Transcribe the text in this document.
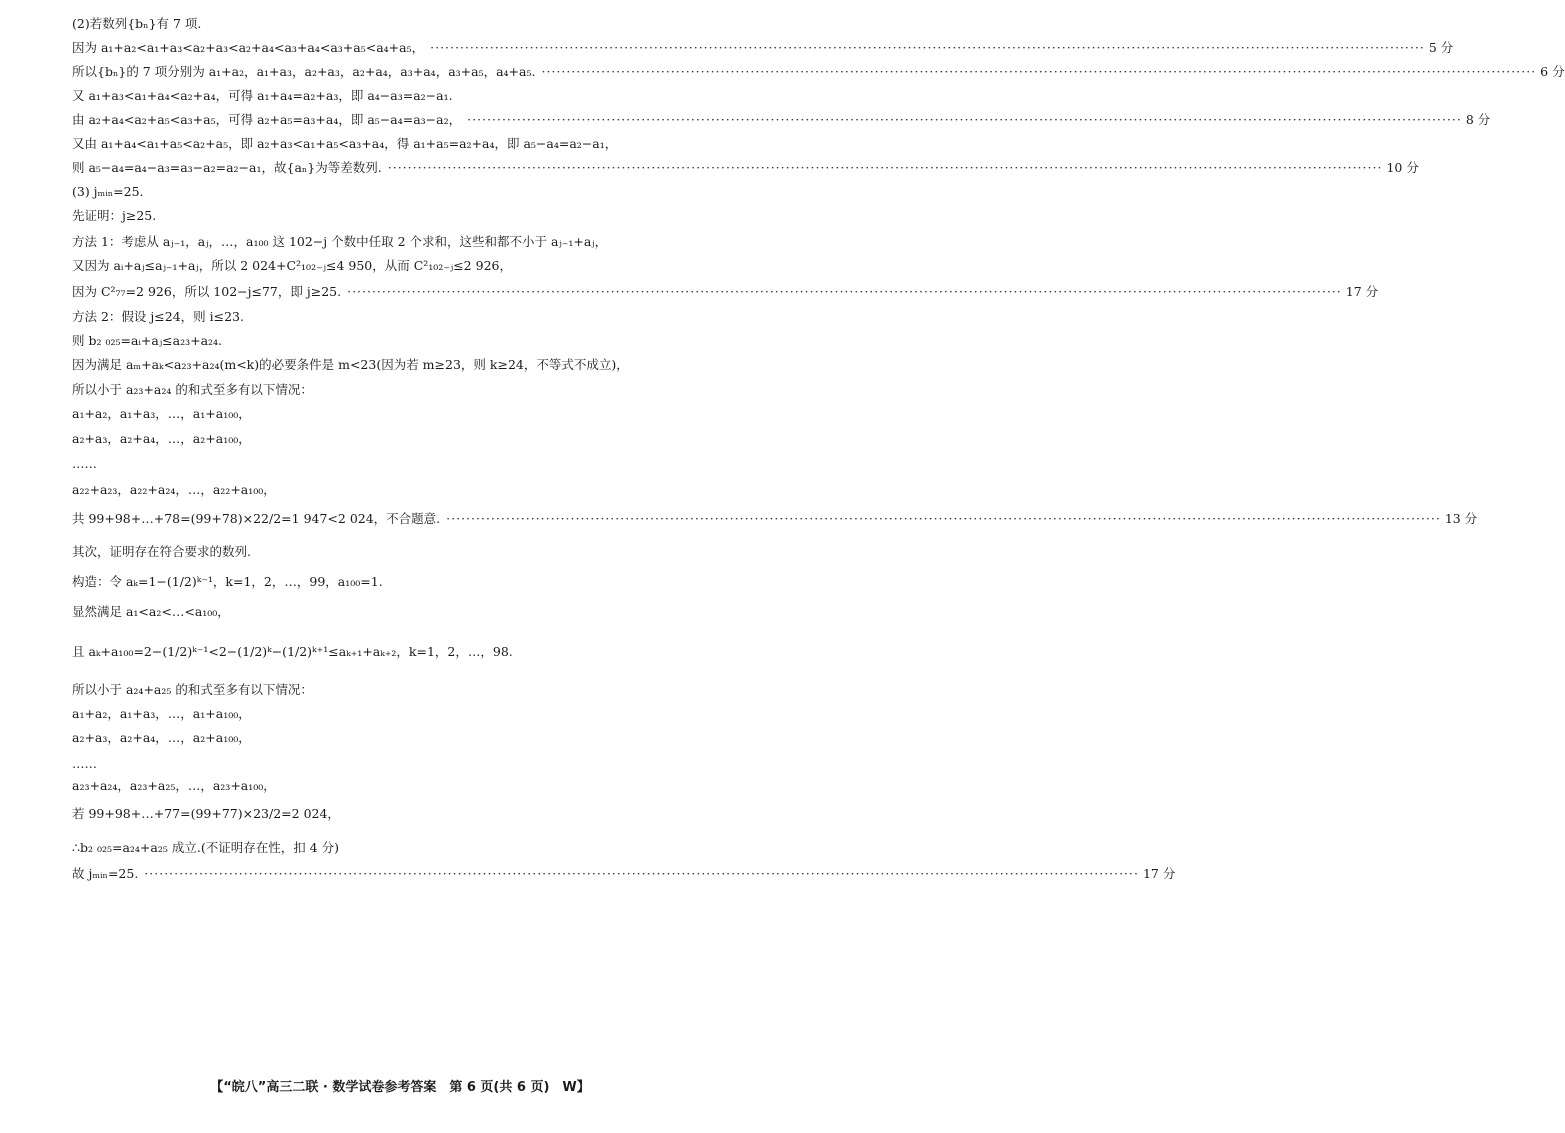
(2)若数列{bₙ}有 7 项.
因为 a₁+a₂<a₁+a₃<a₂+a₃<a₂+a₄<a₃+a₄<a₃+a₅<a₄+a₅， ········································································································································································································ 5 分
所以{bₙ}的 7 项分别为 a₁+a₂，a₁+a₃，a₂+a₃，a₂+a₄，a₃+a₄，a₃+a₅，a₄+a₅. ········································································································································································································ 6 分
又 a₁+a₃<a₁+a₄<a₂+a₄，可得 a₁+a₄=a₂+a₃，即 a₄−a₃=a₂−a₁.
由 a₂+a₄<a₂+a₅<a₃+a₅，可得 a₂+a₅=a₃+a₄，即 a₅−a₄=a₃−a₂， ········································································································································································································ 8 分
又由 a₁+a₄<a₁+a₅<a₂+a₅，即 a₂+a₃<a₁+a₅<a₃+a₄，得 a₁+a₅=a₂+a₄，即 a₅−a₄=a₂−a₁，
则 a₅−a₄=a₄−a₃=a₃−a₂=a₂−a₁，故{aₙ}为等差数列. ········································································································································································································ 10 分
(3) jₘᵢₙ=25.
先证明：j≥25.
方法 1：考虑从 aⱼ₋₁，aⱼ，…，a₁₀₀ 这 102−j 个数中任取 2 个求和，这些和都不小于 aⱼ₋₁+aⱼ，
又因为 aᵢ+aⱼ≤aⱼ₋₁+aⱼ，所以 2 024+C²₁₀₂₋ⱼ≤4 950，从而 C²₁₀₂₋ⱼ≤2 926，
因为 C²₇₇=2 926，所以 102−j≤77，即 j≥25. ········································································································································································································ 17 分
方法 2：假设 j≤24，则 i≤23.
则 b₂ ₀₂₅=aᵢ+aⱼ≤a₂₃+a₂₄.
因为满足 aₘ+aₖ<a₂₃+a₂₄(m<k)的必要条件是 m<23(因为若 m≥23，则 k≥24，不等式不成立)，
所以小于 a₂₃+a₂₄ 的和式至多有以下情况：
a₁+a₂，a₁+a₃，…，a₁+a₁₀₀，
a₂+a₃，a₂+a₄，…，a₂+a₁₀₀，
……
a₂₂+a₂₃，a₂₂+a₂₄，…，a₂₂+a₁₀₀，
共 99+98+…+78=(99+78)×22/2=1 947<2 024，不合题意. ········································································································································································································ 13 分
其次，证明存在符合要求的数列.
构造：令 aₖ=1−(1/2)ᵏ⁻¹，k=1，2，…，99，a₁₀₀=1.
显然满足 a₁<a₂<…<a₁₀₀，
且 aₖ+a₁₀₀=2−(1/2)ᵏ⁻¹<2−(1/2)ᵏ−(1/2)ᵏ⁺¹≤aₖ₊₁+aₖ₊₂，k=1，2，…，98.
所以小于 a₂₄+a₂₅ 的和式至多有以下情况：
a₁+a₂，a₁+a₃，…，a₁+a₁₀₀，
a₂+a₃，a₂+a₄，…，a₂+a₁₀₀，
……
a₂₃+a₂₄，a₂₃+a₂₅，…，a₂₃+a₁₀₀，
若 99+98+…+77=(99+77)×23/2=2 024，
∴b₂ ₀₂₅=a₂₄+a₂₅ 成立.(不证明存在性，扣 4 分)
故 jₘᵢₙ=25. ········································································································································································································ 17 分
【“皖八”高三二联 · 数学试卷参考答案　第 6 页(共 6 页)　W】
